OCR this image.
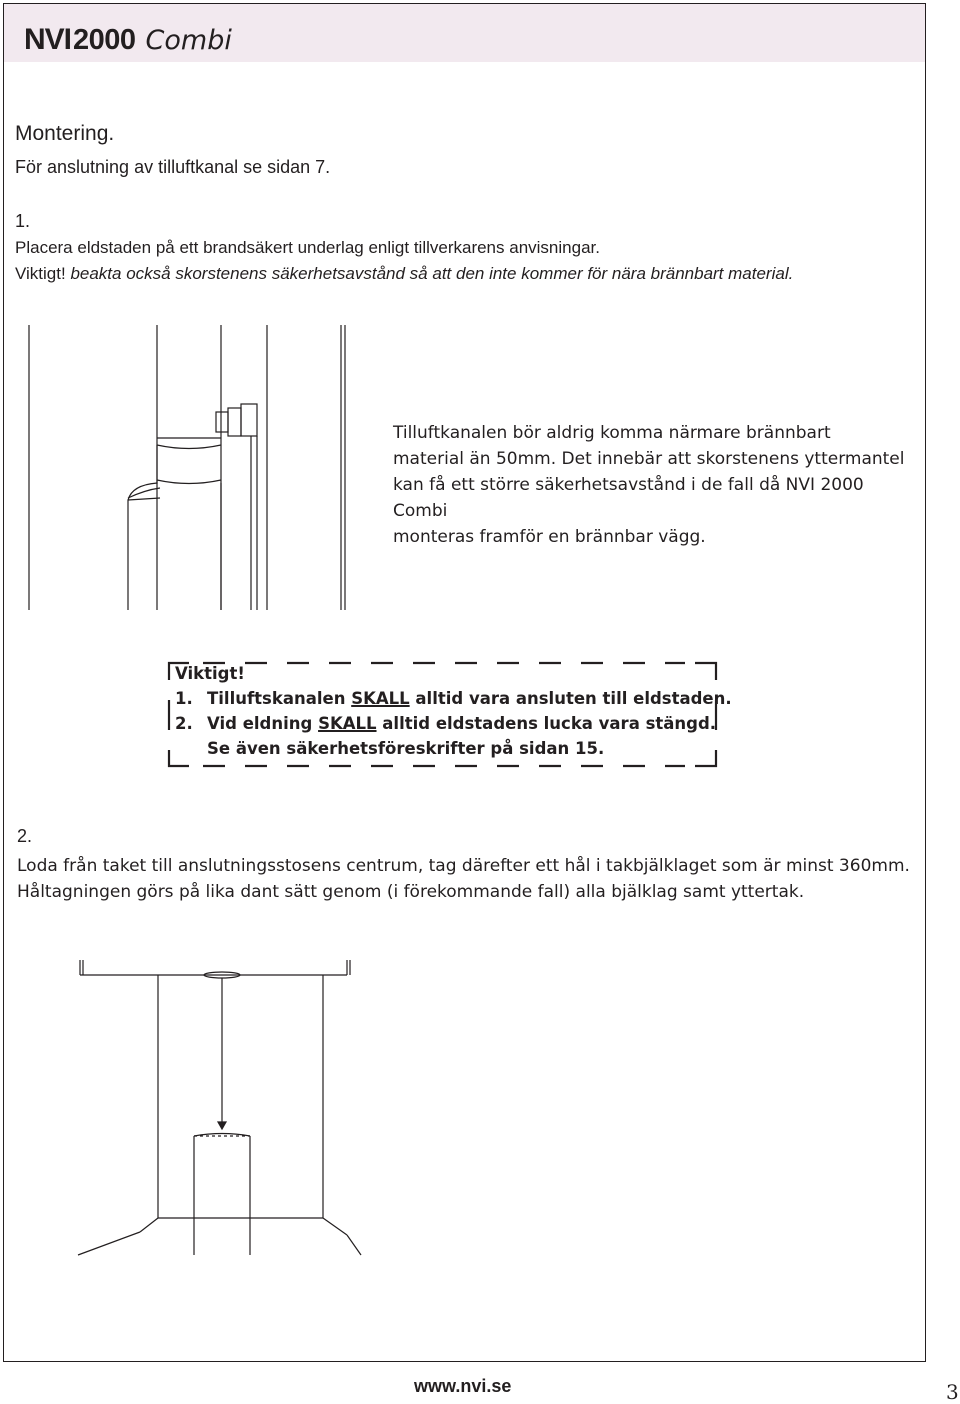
NVI 2000 Combi
Montering.
För anslutning av tilluftkanal se sidan 7.
1.
Placera eldstaden på ett brandsäkert underlag enligt tillverkarens anvisningar.
Viktigt! beakta också skorstenens säkerhetsavstånd så att den inte kommer för nära brännbart material.
Tilluftkanalen bör aldrig komma närmare brännbart
material än 50mm. Det innebär att skorstenens yttermantel
kan få ett större säkerhetsavstånd i de fall då NVI 2000 Combi
monteras framför en brännbar vägg.
Viktigt!
1. Tilluftskanalen SKALL alltid vara ansluten till eldstaden.
2. Vid eldning SKALL alltid eldstadens lucka vara stängd.
Se även säkerhetsföreskrifter på sidan 15.
2.
Loda från taket till anslutningsstosens centrum, tag därefter ett hål i takbjälklaget som är minst 360mm.
Håltagningen görs på lika dant sätt genom (i förekommande fall) alla bjälklag samt yttertak.
www.nvi.se	3
